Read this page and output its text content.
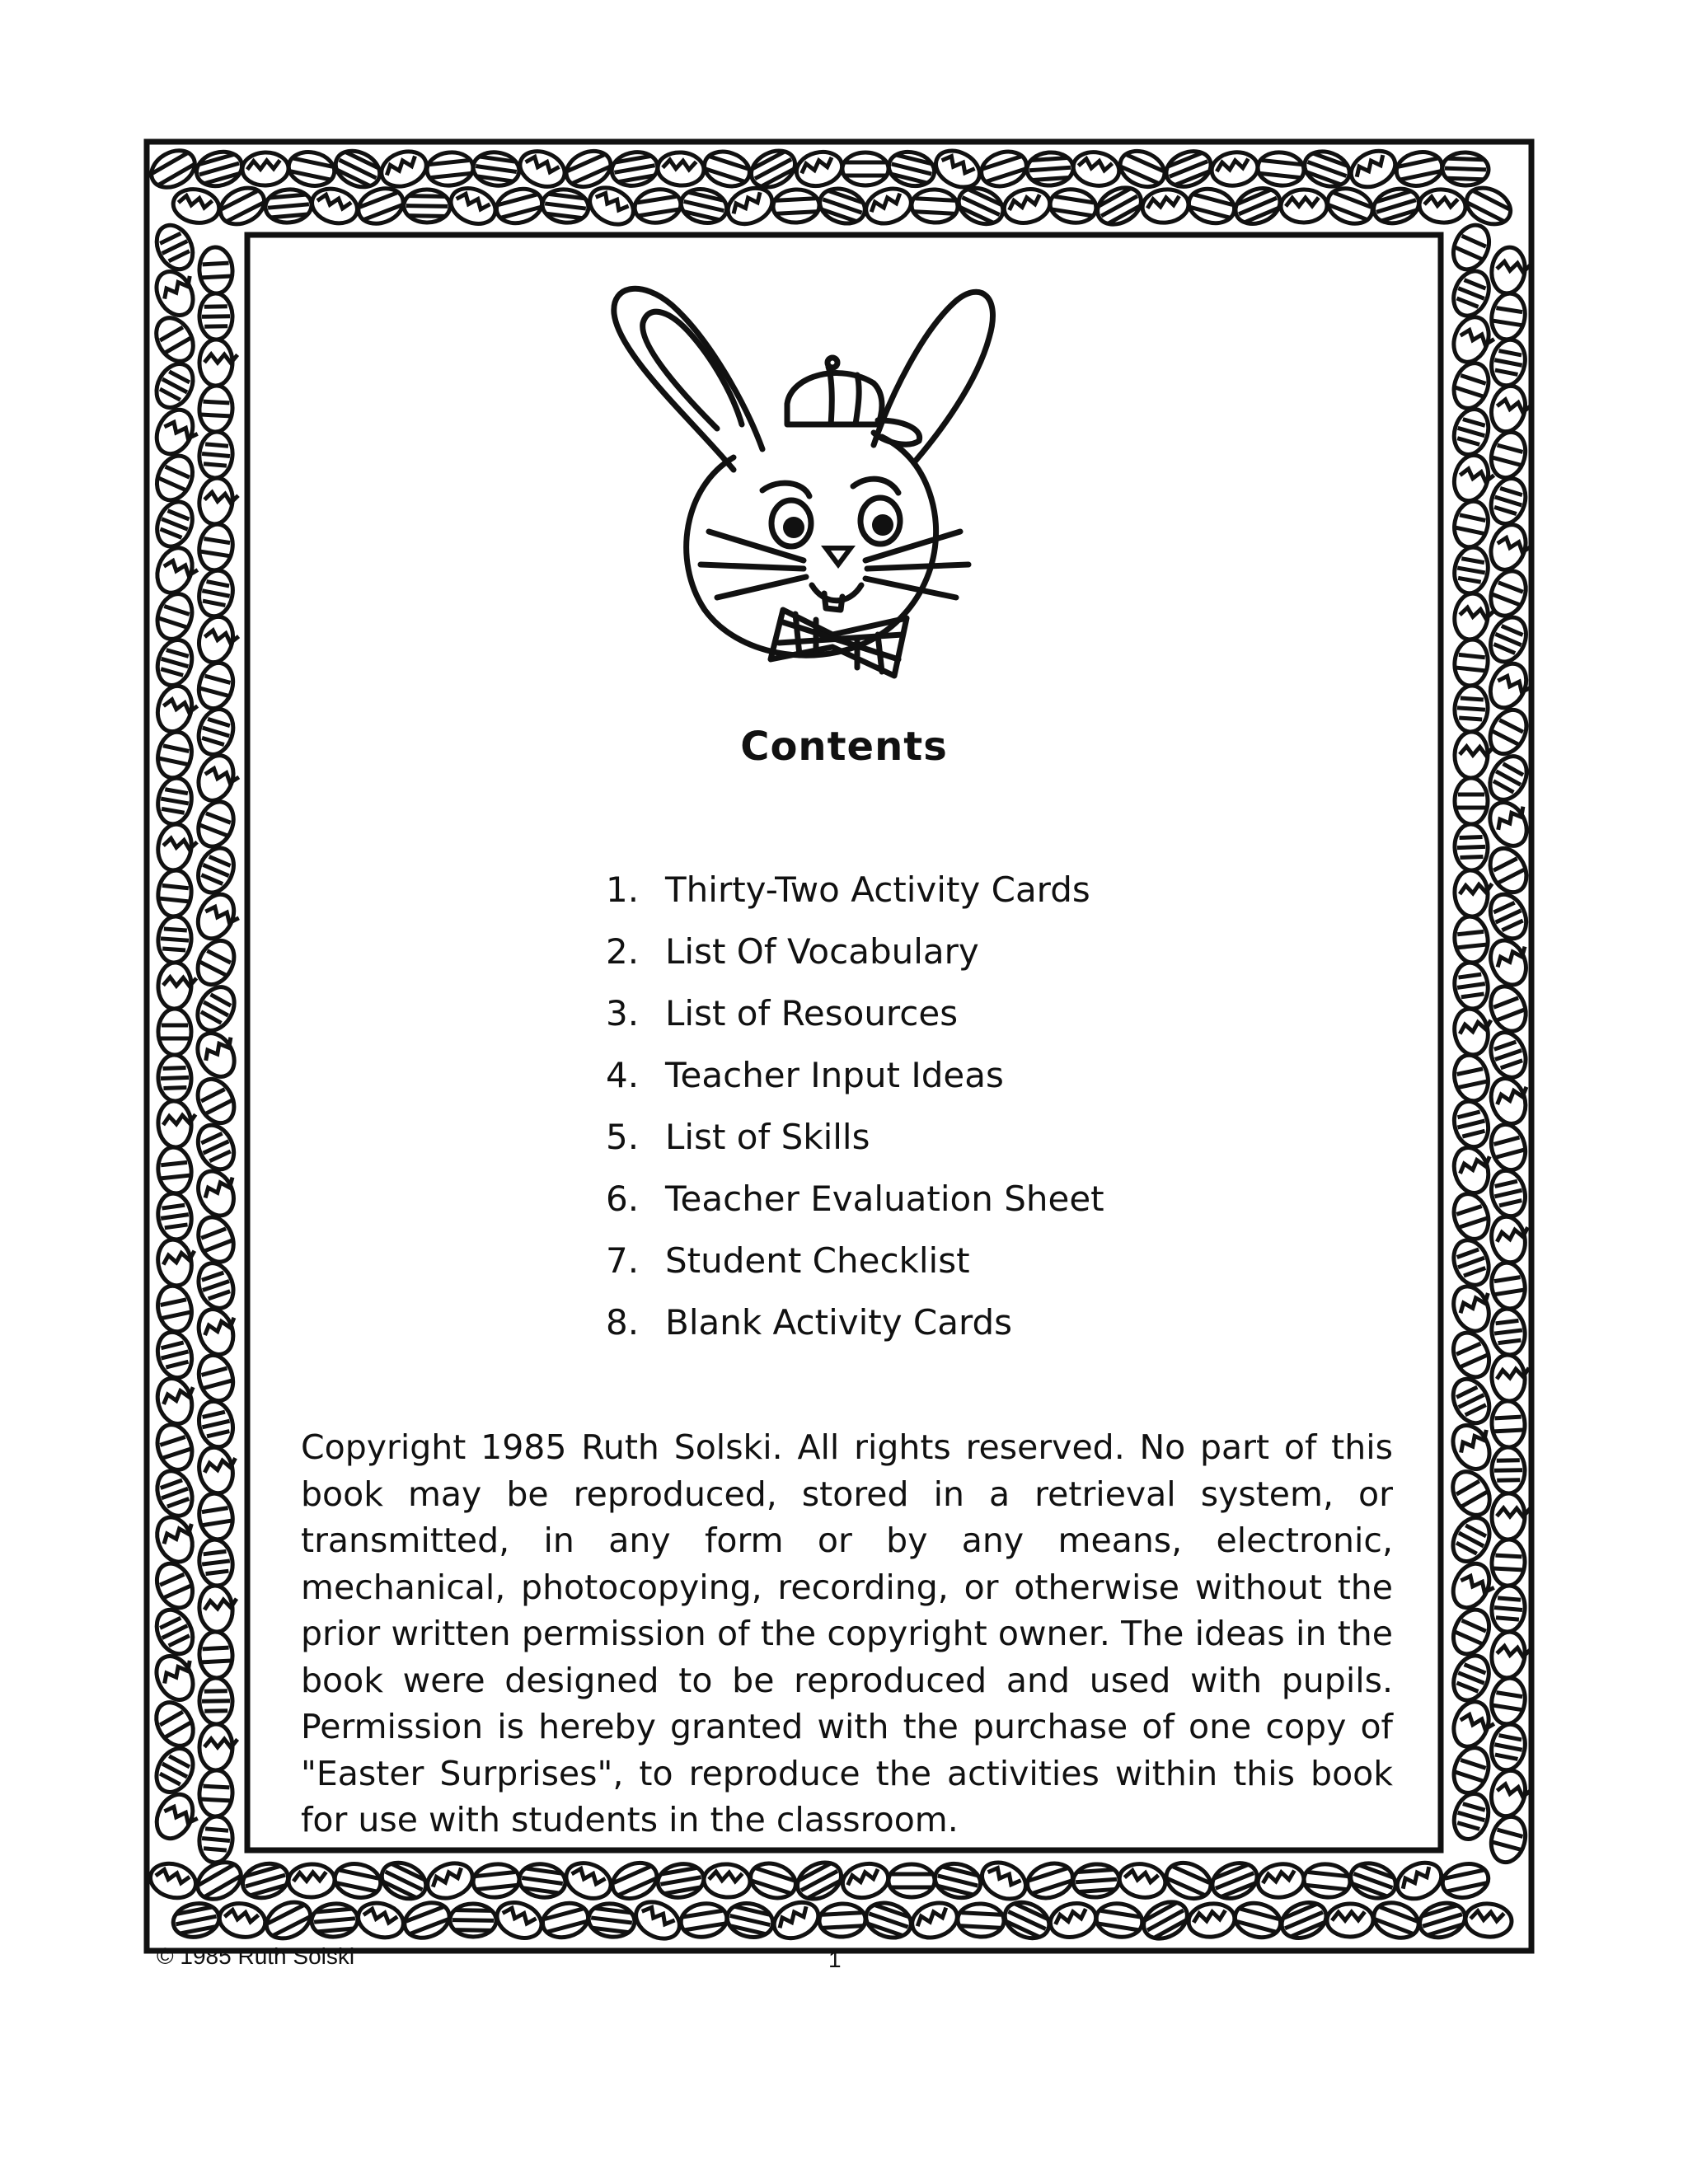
Contents
1. Thirty-Two Activity Cards
2. List Of Vocabulary
3. List of Resources
4. Teacher Input Ideas
5. List of Skills
6. Teacher Evaluation Sheet
7. Student Checklist
8. Blank Activity Cards

Copyright 1985 Ruth Solski. All rights reserved. No part of this book may be reproduced, stored in a retrieval system, or transmitted, in any form or by any means, electronic, mechanical, photocopying, recording, or otherwise without the prior written permission of the copyright owner. The ideas in the book were designed to be reproduced and used with pupils. Permission is hereby granted with the purchase of one copy of "Easter Surprises", to reproduce the activities within this book for use with students in the classroom.

© 1985 Ruth Solski	1
